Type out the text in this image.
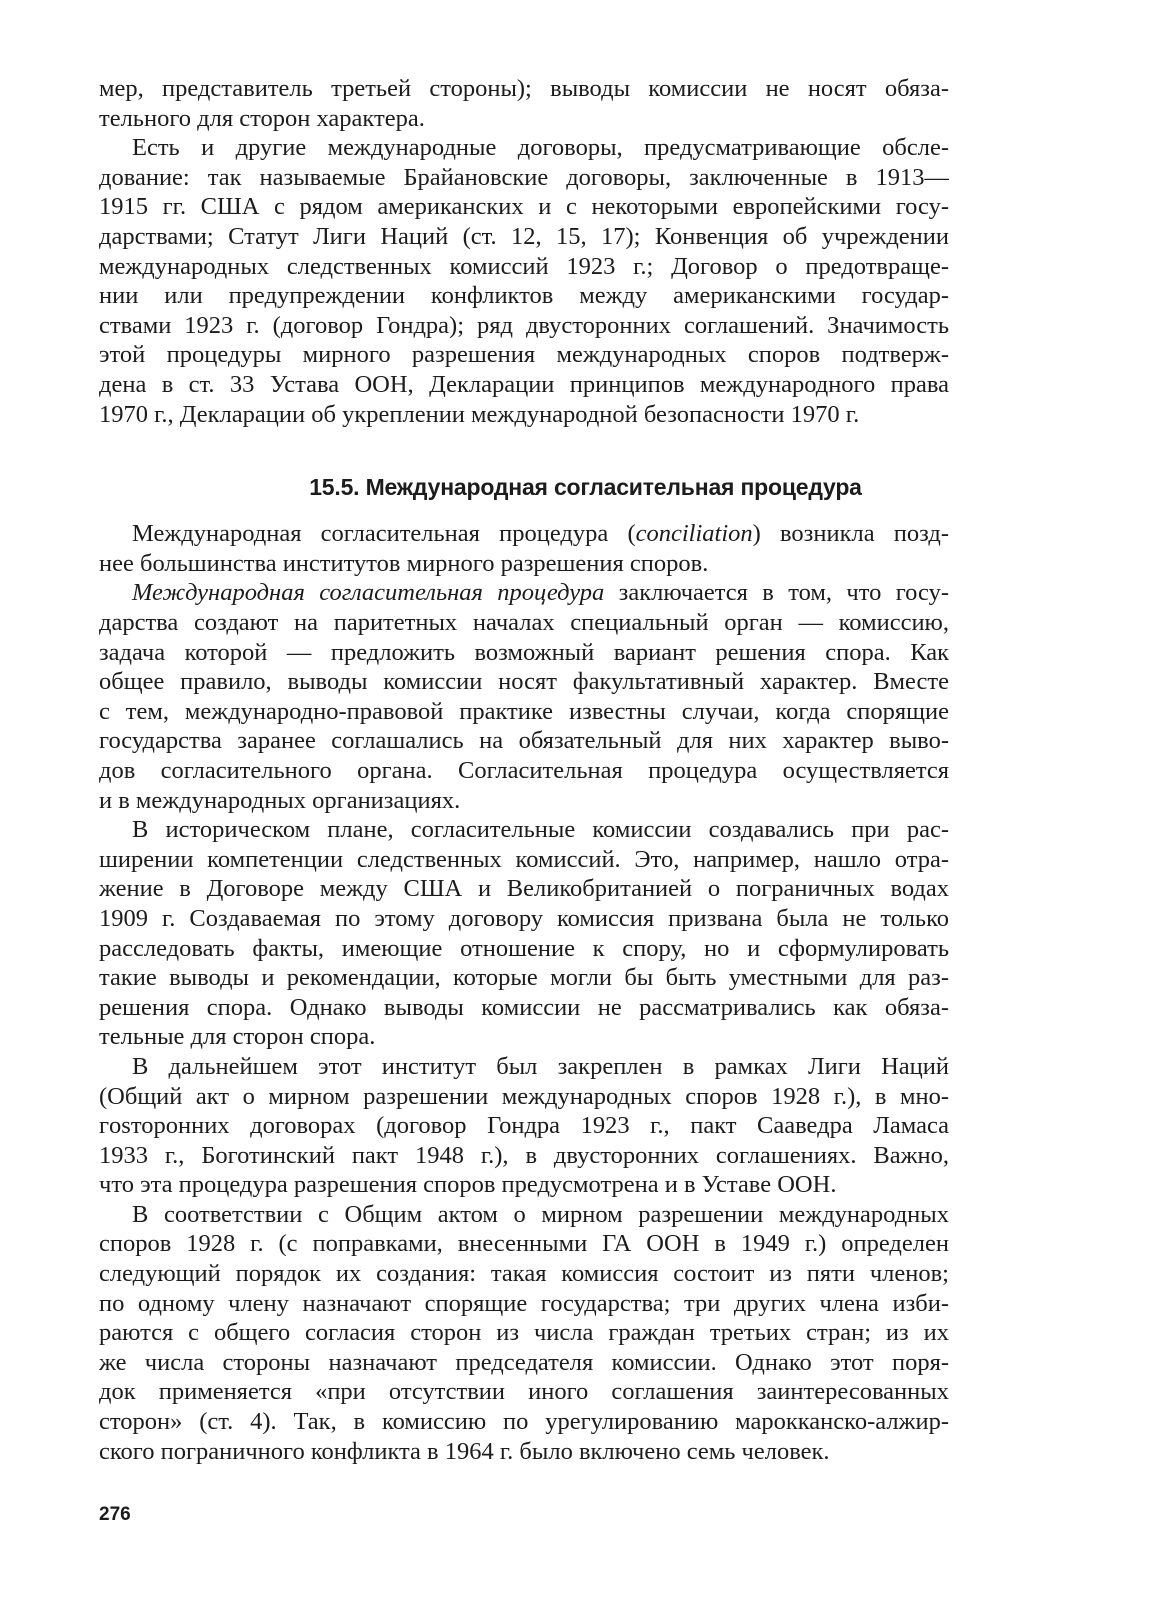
мер, представитель третьей стороны); выводы комиссии не носят обяза-
тельного для сторон характера.
Есть и другие международные договоры, предусматривающие обсле-
дование: так называемые Брайановские договоры, заключенные в 1913—
1915 гг. США с рядом американских и с некоторыми европейскими госу-
дарствами; Статут Лиги Наций (ст. 12, 15, 17); Конвенция об учреждении
международных следственных комиссий 1923 г.; Договор о предотвраще-
нии или предупреждении конфликтов между американскими государ-
ствами 1923 г. (договор Гондра); ряд двусторонних соглашений. Значимость
этой процедуры мирного разрешения международных споров подтверж-
дена в ст. 33 Устава ООН, Декларации принципов международного права
1970 г., Декларации об укреплении международной безопасности 1970 г.
15.5. Международная согласительная процедура
Международная согласительная процедура (conciliation) возникла позд-
нее большинства институтов мирного разрешения споров.
Международная согласительная процедура заключается в том, что госу-
дарства создают на паритетных началах специальный орган — комиссию,
задача которой — предложить возможный вариант решения спора. Как
общее правило, выводы комиссии носят факультативный характер. Вместе
с тем, международно-правовой практике известны случаи, когда спорящие
государства заранее соглашались на обязательный для них характер выво-
дов согласительного органа. Согласительная процедура осуществляется
и в международных организациях.
В историческом плане, согласительные комиссии создавались при рас-
ширении компетенции следственных комиссий. Это, например, нашло отра-
жение в Договоре между США и Великобританией о пограничных водах
1909 г. Создаваемая по этому договору комиссия призвана была не только
расследовать факты, имеющие отношение к спору, но и сформулировать
такие выводы и рекомендации, которые могли бы быть уместными для раз-
решения спора. Однако выводы комиссии не рассматривались как обяза-
тельные для сторон спора.
В дальнейшем этот институт был закреплен в рамках Лиги Наций
(Общий акт о мирном разрешении международных споров 1928 г.), в мно-
гosторонних договорах (договор Гондра 1923 г., пакт Сааведра Ламаса
1933 г., Боготинский пакт 1948 г.), в двусторонних соглашениях. Важно,
что эта процедура разрешения споров предусмотрена и в Уставе ООН.
В соответствии с Общим актом о мирном разрешении международных
споров 1928 г. (с поправками, внесенными ГА ООН в 1949 г.) определен
следующий порядок их создания: такая комиссия состоит из пяти членов;
по одному члену назначают спорящие государства; три других члена изби-
раются с общего согласия сторон из числа граждан третьих стран; из их
же числа стороны назначают председателя комиссии. Однако этот поря-
док применяется «при отсутствии иного соглашения заинтересованных
сторон» (ст. 4). Так, в комиссию по урегулированию марокканско-алжир-
ского пограничного конфликта в 1964 г. было включено семь человек.
276
